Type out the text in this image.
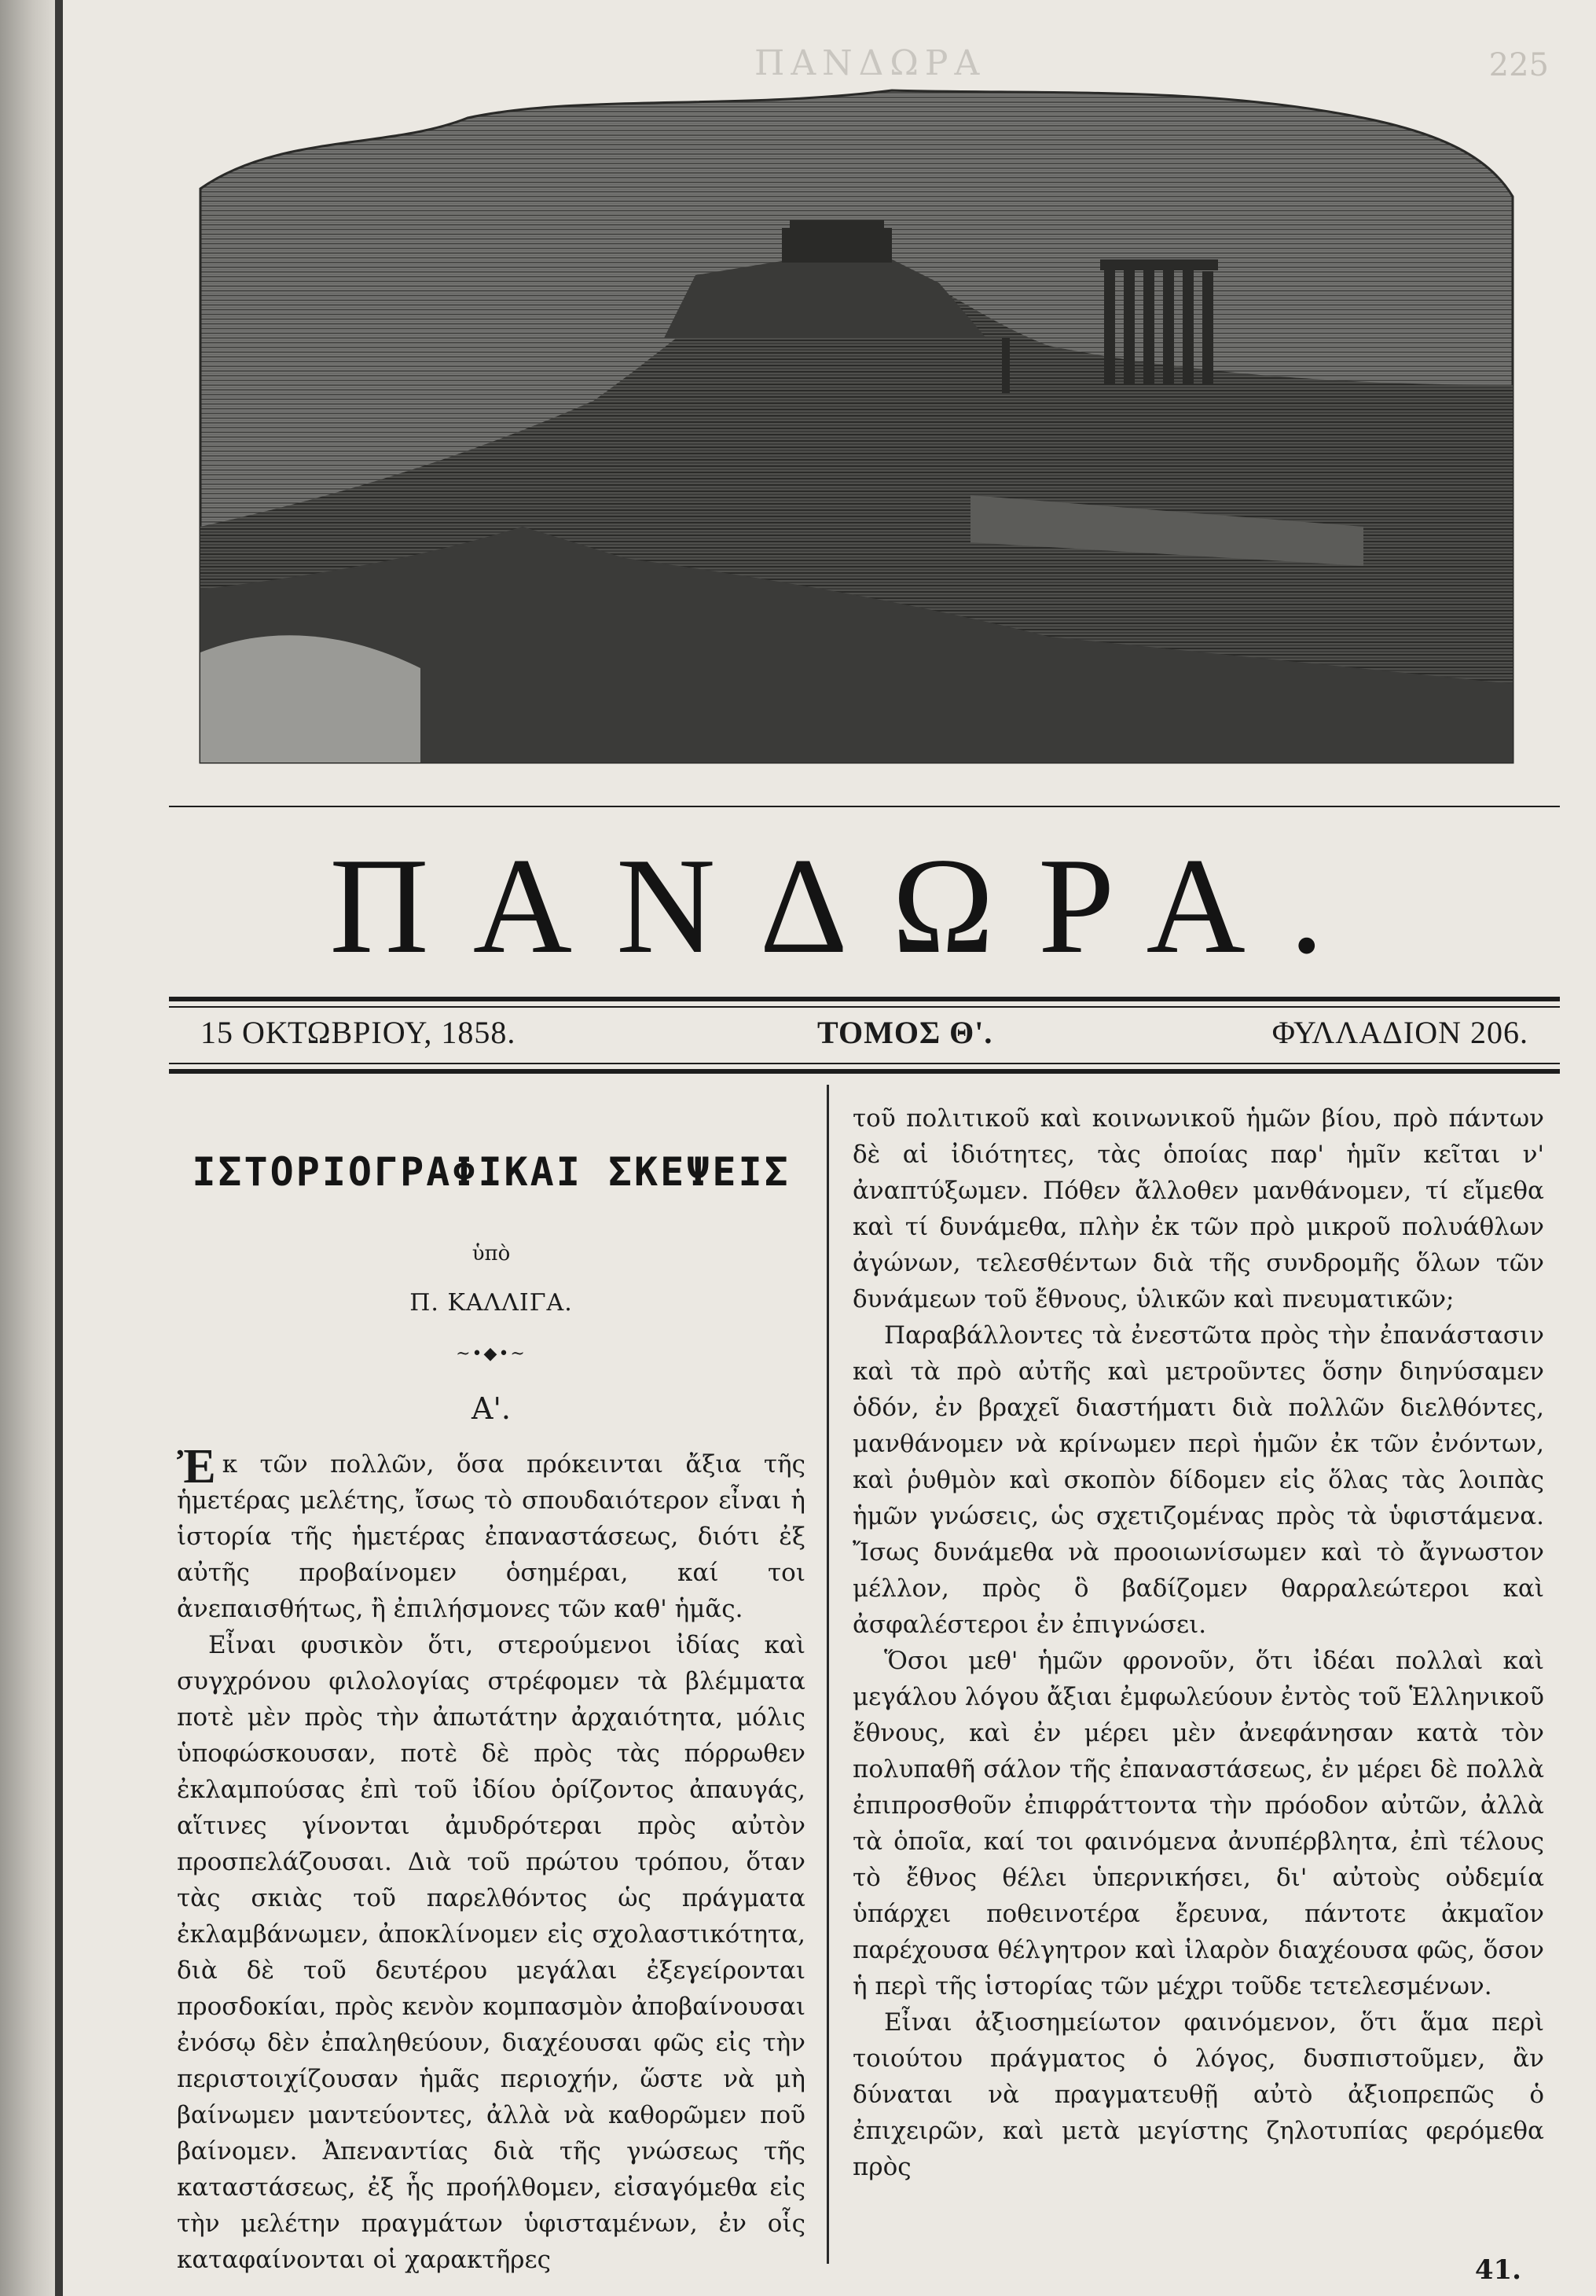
ΠΑΝΔΩΡΑ	225
ΠΑΝΔΩΡΑ.
15 ΟΚΤΩΒΡΙΟΥ, 1858.	ΤΟΜΟΣ Θ'.	ΦΥΛΛΑΔΙΟΝ 206.
ΙΣΤΟΡΙΟΓΡΑΦΙΚΑΙ ΣΚΕΨΕΙΣ
ὑπὸ
Π. ΚΑΛΛΙΓΑ.
~•◆•~
Α'.

Ἐκ τῶν πολλῶν, ὅσα πρόκεινται ἄξια τῆς ἡμετέρας μελέτης, ἴσως τὸ σπουδαιότερον εἶναι ἡ ἱστορία τῆς ἡμετέρας ἐπαναστάσεως, διότι ἐξ αὐτῆς προβαίνομεν ὁσημέραι, καί τοι ἀνεπαισθήτως, ἢ ἐπιλήσμονες τῶν καθ' ἡμᾶς.

Εἶναι φυσικὸν ὅτι, στερούμενοι ἰδίας καὶ συγχρόνου φιλολογίας στρέφομεν τὰ βλέμματα ποτὲ μὲν πρὸς τὴν ἀπωτάτην ἀρχαιότητα, μόλις ὑποφώσκουσαν, ποτὲ δὲ πρὸς τὰς πόρρωθεν ἐκλαμπούσας ἐπὶ τοῦ ἰδίου ὁρίζοντος ἀπαυγάς, αἵτινες γίνονται ἀμυδρότεραι πρὸς αὐτὸν προσπελάζουσαι. Διὰ τοῦ πρώτου τρόπου, ὅταν τὰς σκιὰς τοῦ παρελθόντος ὡς πράγματα ἐκλαμβάνωμεν, ἀποκλίνομεν εἰς σχολαστικότητα, διὰ δὲ τοῦ δευτέρου μεγάλαι ἐξεγείρονται προσδοκίαι, πρὸς κενὸν κομπασμὸν ἀποβαίνουσαι ἐνόσῳ δὲν ἐπαληθεύουν, διαχέουσαι φῶς εἰς τὴν περιστοιχίζουσαν ἡμᾶς περιοχήν, ὥστε νὰ μὴ βαίνωμεν μαντεύοντες, ἀλλὰ νὰ καθορῶμεν ποῦ βαίνομεν. Ἀπεναντίας διὰ τῆς γνώσεως τῆς καταστάσεως, ἐξ ἧς προήλθομεν, εἰσαγόμεθα εἰς τὴν μελέτην πραγμάτων ὑφισταμένων, ἐν οἷς καταφαίνονται οἱ χαρακτῆρες

τοῦ πολιτικοῦ καὶ κοινωνικοῦ ἡμῶν βίου, πρὸ πάντων δὲ αἱ ἰδιότητες, τὰς ὁποίας παρ' ἡμῖν κεῖται ν' ἀναπτύξωμεν. Πόθεν ἄλλοθεν μανθάνομεν, τί εἴμεθα καὶ τί δυνάμεθα, πλὴν ἐκ τῶν πρὸ μικροῦ πολυάθλων ἀγώνων, τελεσθέντων διὰ τῆς συνδρομῆς ὅλων τῶν δυνάμεων τοῦ ἔθνους, ὑλικῶν καὶ πνευματικῶν;

Παραβάλλοντες τὰ ἐνεστῶτα πρὸς τὴν ἐπανάστασιν καὶ τὰ πρὸ αὐτῆς καὶ μετροῦντες ὅσην διηνύσαμεν ὁδόν, ἐν βραχεῖ διαστήματι διὰ πολλῶν διελθόντες, μανθάνομεν νὰ κρίνωμεν περὶ ἡμῶν ἐκ τῶν ἐνόντων, καὶ ῥυθμὸν καὶ σκοπὸν δίδομεν εἰς ὅλας τὰς λοιπὰς ἡμῶν γνώσεις, ὡς σχετιζομένας πρὸς τὰ ὑφιστάμενα. Ἴσως δυνάμεθα νὰ προοιωνίσωμεν καὶ τὸ ἄγνωστον μέλλον, πρὸς ὃ βαδίζομεν θαρραλεώτεροι καὶ ἀσφαλέστεροι ἐν ἐπιγνώσει.

Ὅσοι μεθ' ἡμῶν φρονοῦν, ὅτι ἰδέαι πολλαὶ καὶ μεγάλου λόγου ἄξιαι ἐμφωλεύουν ἐντὸς τοῦ Ἑλληνικοῦ ἔθνους, καὶ ἐν μέρει μὲν ἀνεφάνησαν κατὰ τὸν πολυπαθῆ σάλον τῆς ἐπαναστάσεως, ἐν μέρει δὲ πολλὰ ἐπιπροσθοῦν ἐπιφράττοντα τὴν πρόοδον αὐτῶν, ἀλλὰ τὰ ὁποῖα, καί τοι φαινόμενα ἀνυπέρβλητα, ἐπὶ τέλους τὸ ἔθνος θέλει ὑπερνικήσει, δι' αὐτοὺς οὐδεμία ὑπάρχει ποθεινοτέρα ἔρευνα, πάντοτε ἀκμαῖον παρέχουσα θέλγητρον καὶ ἱλαρὸν διαχέουσα φῶς, ὅσον ἡ περὶ τῆς ἱστορίας τῶν μέχρι τοῦδε τετελεσμένων.

Εἶναι ἀξιοσημείωτον φαινόμενον, ὅτι ἅμα περὶ τοιούτου πράγματος ὁ λόγος, δυσπιστοῦμεν, ἂν δύναται νὰ πραγματευθῇ αὐτὸ ἀξιοπρεπῶς ὁ ἐπιχειρῶν, καὶ μετὰ μεγίστης ζηλοτυπίας φερόμεθα πρὸς

41.
